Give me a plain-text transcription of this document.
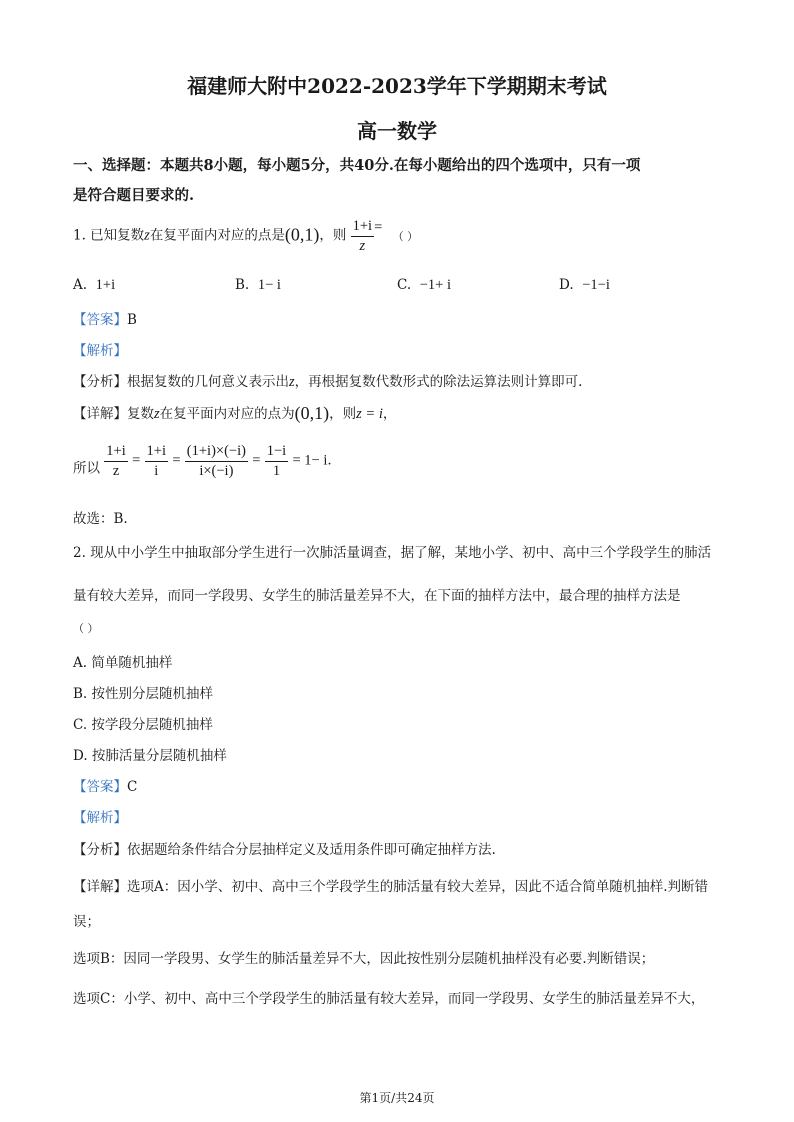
福建师大附中2022-2023学年下学期期末考试
高一数学
一、选择题：本题共8小题，每小题5分，共40分.在每小题给出的四个选项中，只有一项
是符合题目要求的.
1. 已知复数z在复平面内对应的点是(0,1)，则 $\frac{1+i}{z}$ = （ ）
A. 1+i	B. 1− i	C. −1+ i	D. −1−i
【答案】B
【解析】
【分析】根据复数的几何意义表示出z，再根据复数代数形式的除法运算法则计算即可.
【详解】复数z在复平面内对应的点为(0,1)，则z = i，
所以 $\frac{1+i}{z} = \frac{1+i}{i} = \frac{(1+i)\times(-i)}{i\times(-i)} = \frac{1-i}{1} = 1- i$.
故选：B.
2. 现从中小学生中抽取部分学生进行一次肺活量调查，据了解，某地小学、初中、高中三个学段学生的肺活
量有较大差异，而同一学段男、女学生的肺活量差异不大，在下面的抽样方法中，最合理的抽样方法是
（ ）
A. 简单随机抽样
B. 按性别分层随机抽样
C. 按学段分层随机抽样
D. 按肺活量分层随机抽样
【答案】C
【解析】
【分析】依据题给条件结合分层抽样定义及适用条件即可确定抽样方法.
【详解】选项A：因小学、初中、高中三个学段学生的肺活量有较大差异，因此不适合简单随机抽样.判断错
误；
选项B：因同一学段男、女学生的肺活量差异不大，因此按性别分层随机抽样没有必要.判断错误；
选项C：小学、初中、高中三个学段学生的肺活量有较大差异，而同一学段男、女学生的肺活量差异不大，
第1页/共24页
